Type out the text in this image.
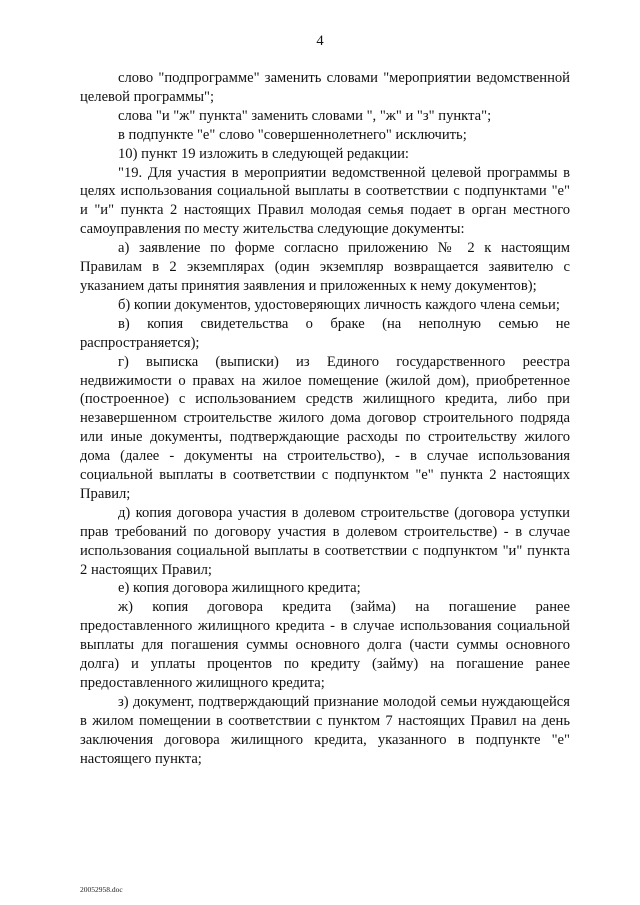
4

слово "подпрограмме" заменить словами "мероприятии ведомственной целевой программы";

слова "и "ж" пункта" заменить словами ", "ж" и "з" пункта";

в подпункте "е" слово "совершеннолетнего" исключить;

10) пункт 19 изложить в следующей редакции:

"19. Для участия в мероприятии ведомственной целевой программы в целях использования социальной выплаты в соответствии с подпунктами "е" и "и" пункта 2 настоящих Правил молодая семья подает в орган местного самоуправления по месту жительства следующие документы:

а) заявление по форме согласно приложению № 2 к настоящим Правилам в 2 экземплярах (один экземпляр возвращается заявителю с указанием даты принятия заявления и приложенных к нему документов);

б) копии документов, удостоверяющих личность каждого члена семьи;

в) копия свидетельства о браке (на неполную семью не распространяется);

г) выписка (выписки) из Единого государственного реестра недвижимости о правах на жилое помещение (жилой дом), приобретенное (построенное) с использованием средств жилищного кредита, либо при незавершенном строительстве жилого дома договор строительного подряда или иные документы, подтверждающие расходы по строительству жилого дома (далее - документы на строительство), - в случае использования социальной выплаты в соответствии с подпунктом "е" пункта 2 настоящих Правил;

д) копия договора участия в долевом строительстве (договора уступки прав требований по договору участия в долевом строительстве) - в случае использования социальной выплаты в соответствии с подпунктом "и" пункта 2 настоящих Правил;

е) копия договора жилищного кредита;

ж) копия договора кредита (займа) на погашение ранее предоставленного жилищного кредита - в случае использования социальной выплаты для погашения суммы основного долга (части суммы основного долга) и уплаты процентов по кредиту (займу) на погашение ранее предоставленного жилищного кредита;

з) документ, подтверждающий признание молодой семьи нуждающейся в жилом помещении в соответствии с пунктом 7 настоящих Правил на день заключения договора жилищного кредита, указанного в подпункте "е" настоящего пункта;

20052958.doc
